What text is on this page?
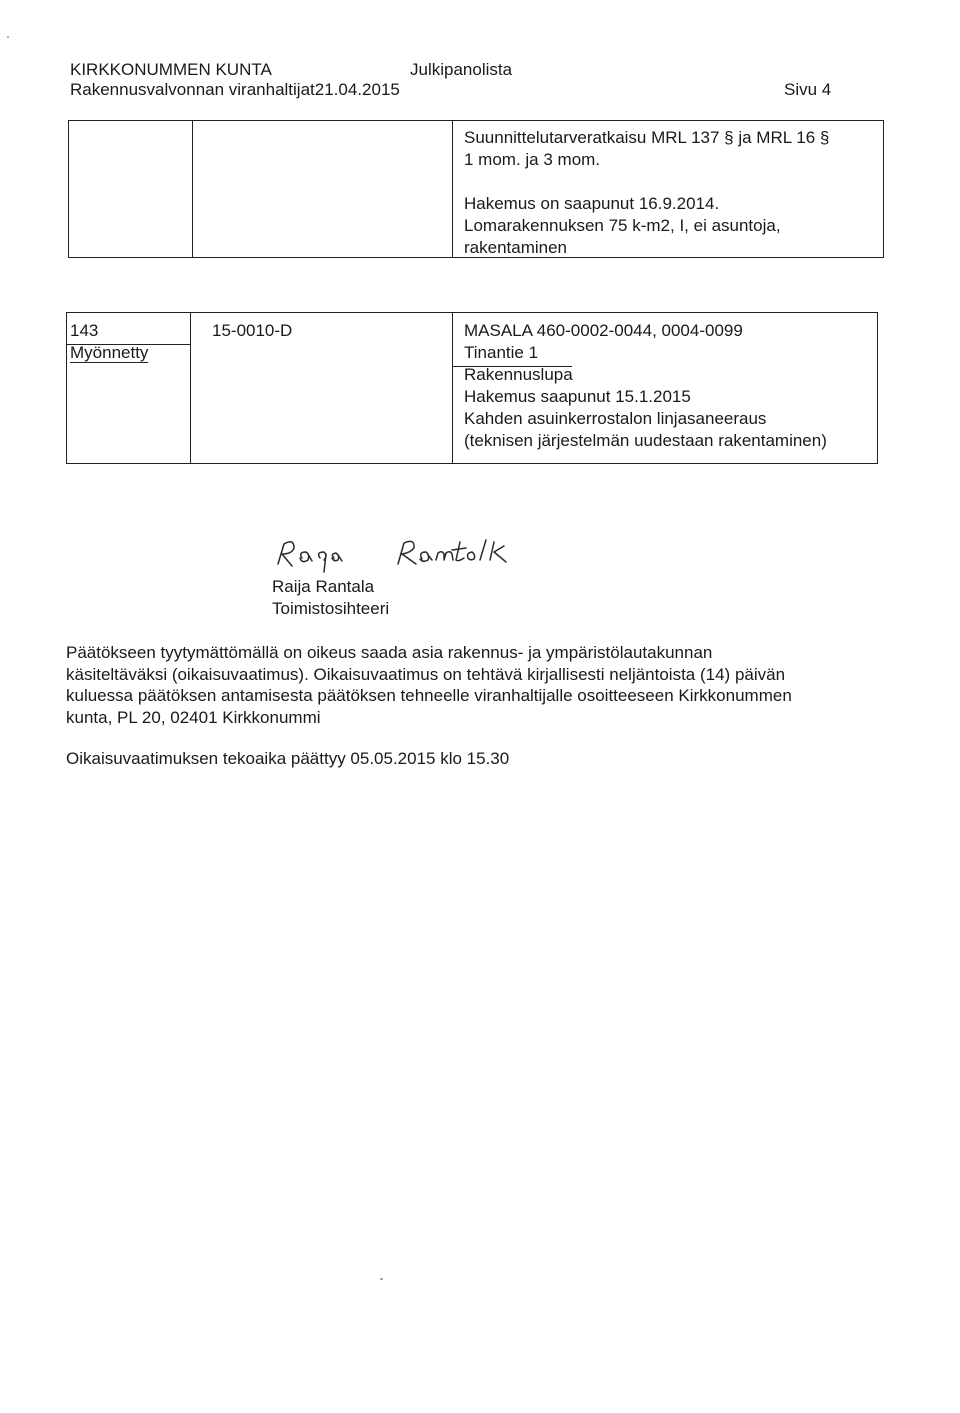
KIRKKONUMMEN KUNTA	Julkipanolista
Rakennusvalvonnan viranhaltijat21.04.2015	Sivu 4
Suunnittelutarveratkaisu MRL 137 § ja MRL 16 §
1 mom. ja 3 mom.
Hakemus on saapunut 16.9.2014.
Lomarakennuksen 75 k-m2, I, ei asuntoja,
rakentaminen
143
Myönnetty
15-0010-D	MASALA 460-0002-0044, 0004-0099
Tinantie 1
Rakennuslupa
Hakemus saapunut 15.1.2015
Kahden asuinkerrostalon linjasaneeraus
(teknisen järjestelmän uudestaan rakentaminen)
Raija Rantala
Toimistosihteeri
Päätökseen tyytymättömällä on oikeus saada asia rakennus- ja ympäristölautakunnan
käsiteltäväksi (oikaisuvaatimus). Oikaisuvaatimus on tehtävä kirjallisesti neljäntoista (14) päivän
kuluessa päätöksen antamisesta päätöksen tehneelle viranhaltijalle osoitteeseen Kirkkonummen
kunta, PL 20, 02401 Kirkkonummi
Oikaisuvaatimuksen tekoaika päättyy 05.05.2015 klo 15.30
